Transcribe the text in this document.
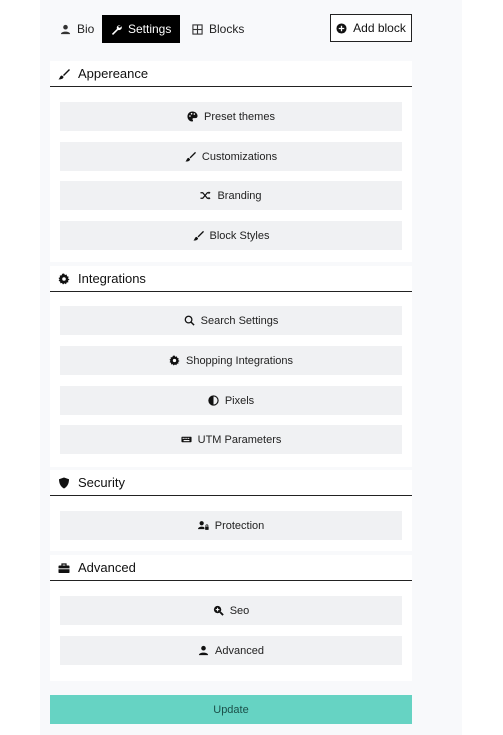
Bio	Settings	Blocks	Add block
Appereance
Preset themes
Customizations
Branding
Block Styles
Integrations
Search Settings
Shopping Integrations
Pixels
UTM Parameters
Security
Protection
Advanced
Seo
Advanced
Update
